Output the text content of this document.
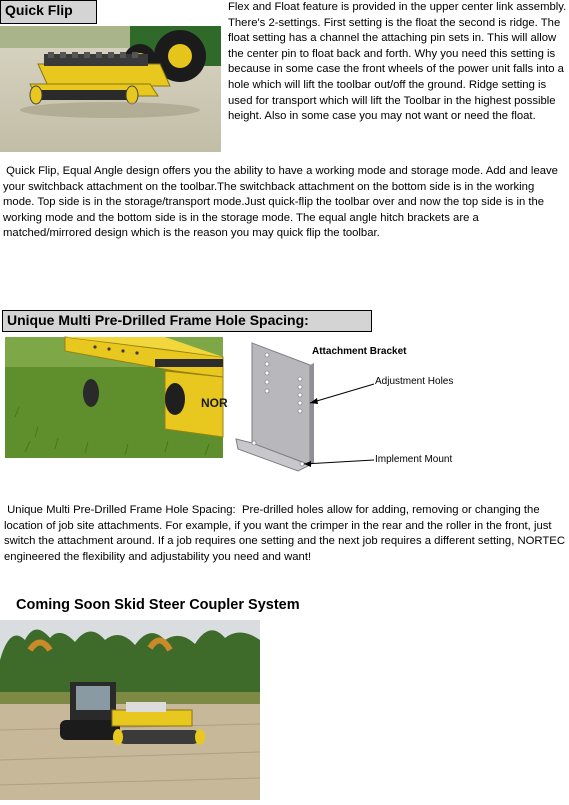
Quick Flip	Flex and Float feature is provided in the upper center link assembly. There's 2-settings. First setting is the float the second is ridge. The float setting has a channel the attaching pin sets in. This will allow the center pin to float back and forth. Why you need this setting is because in some case the front wheels of the power unit falls into a hole which will lift the toolbar out/off the ground. Ridge setting is used for transport which will lift the Toolbar in the highest possible height. Also in some case you may not want or need the float.
Quick Flip, Equal Angle design offers you the ability to have a working mode and storage mode. Add and leave your switchback attachment on the toolbar.The switchback attachment on the bottom side is in the working mode. Top side is in the storage/transport mode.Just quick-flip the toolbar over and now the top side is in the working mode and the bottom side is in the storage mode. The equal angle hitch brackets are a matched/mirrored design which is the reason you may quick flip the toolbar.
Unique Multi Pre-Drilled Frame Hole Spacing:
NOR
Attachment Bracket
Adjustment Holes
Implement Mount
Unique Multi Pre-Drilled Frame Hole Spacing:  Pre-drilled holes allow for adding, removing or changing the location of job site attachments. For example, if you want the crimper in the rear and the roller in the front, just switch the attachment around. If a job requires one setting and the next job requires a different setting, NORTEC engineered the flexibility and adjustability you need and want!
Coming Soon Skid Steer Coupler System
